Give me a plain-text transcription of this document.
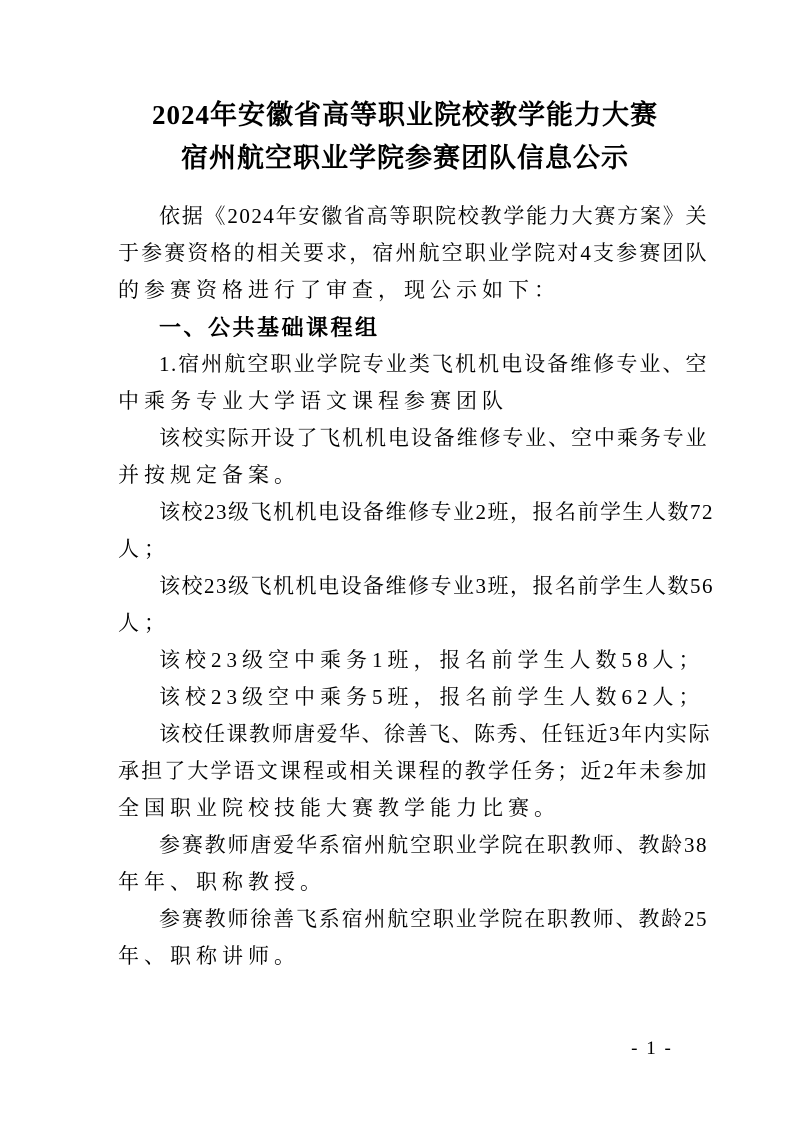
2024年安徽省高等职业院校教学能力大赛
宿州航空职业学院参赛团队信息公示
依据《2024年安徽省高等职院校教学能力大赛方案》关
于参赛资格的相关要求，宿州航空职业学院对4支参赛团队
的参赛资格进行了审查，现公示如下：
一、公共基础课程组
1.宿州航空职业学院专业类飞机机电设备维修专业、空
中乘务专业大学语文课程参赛团队
该校实际开设了飞机机电设备维修专业、空中乘务专业
并按规定备案。
该校23级飞机机电设备维修专业2班，报名前学生人数72
人；
该校23级飞机机电设备维修专业3班，报名前学生人数56
人；
该校23级空中乘务1班，报名前学生人数58人；
该校23级空中乘务5班，报名前学生人数62人；
该校任课教师唐爱华、徐善飞、陈秀、任钰近3年内实际
承担了大学语文课程或相关课程的教学任务；近2年未参加
全国职业院校技能大赛教学能力比赛。
参赛教师唐爱华系宿州航空职业学院在职教师、教龄38
年年、职称教授。
参赛教师徐善飞系宿州航空职业学院在职教师、教龄25
年、职称讲师。
- 1 -
